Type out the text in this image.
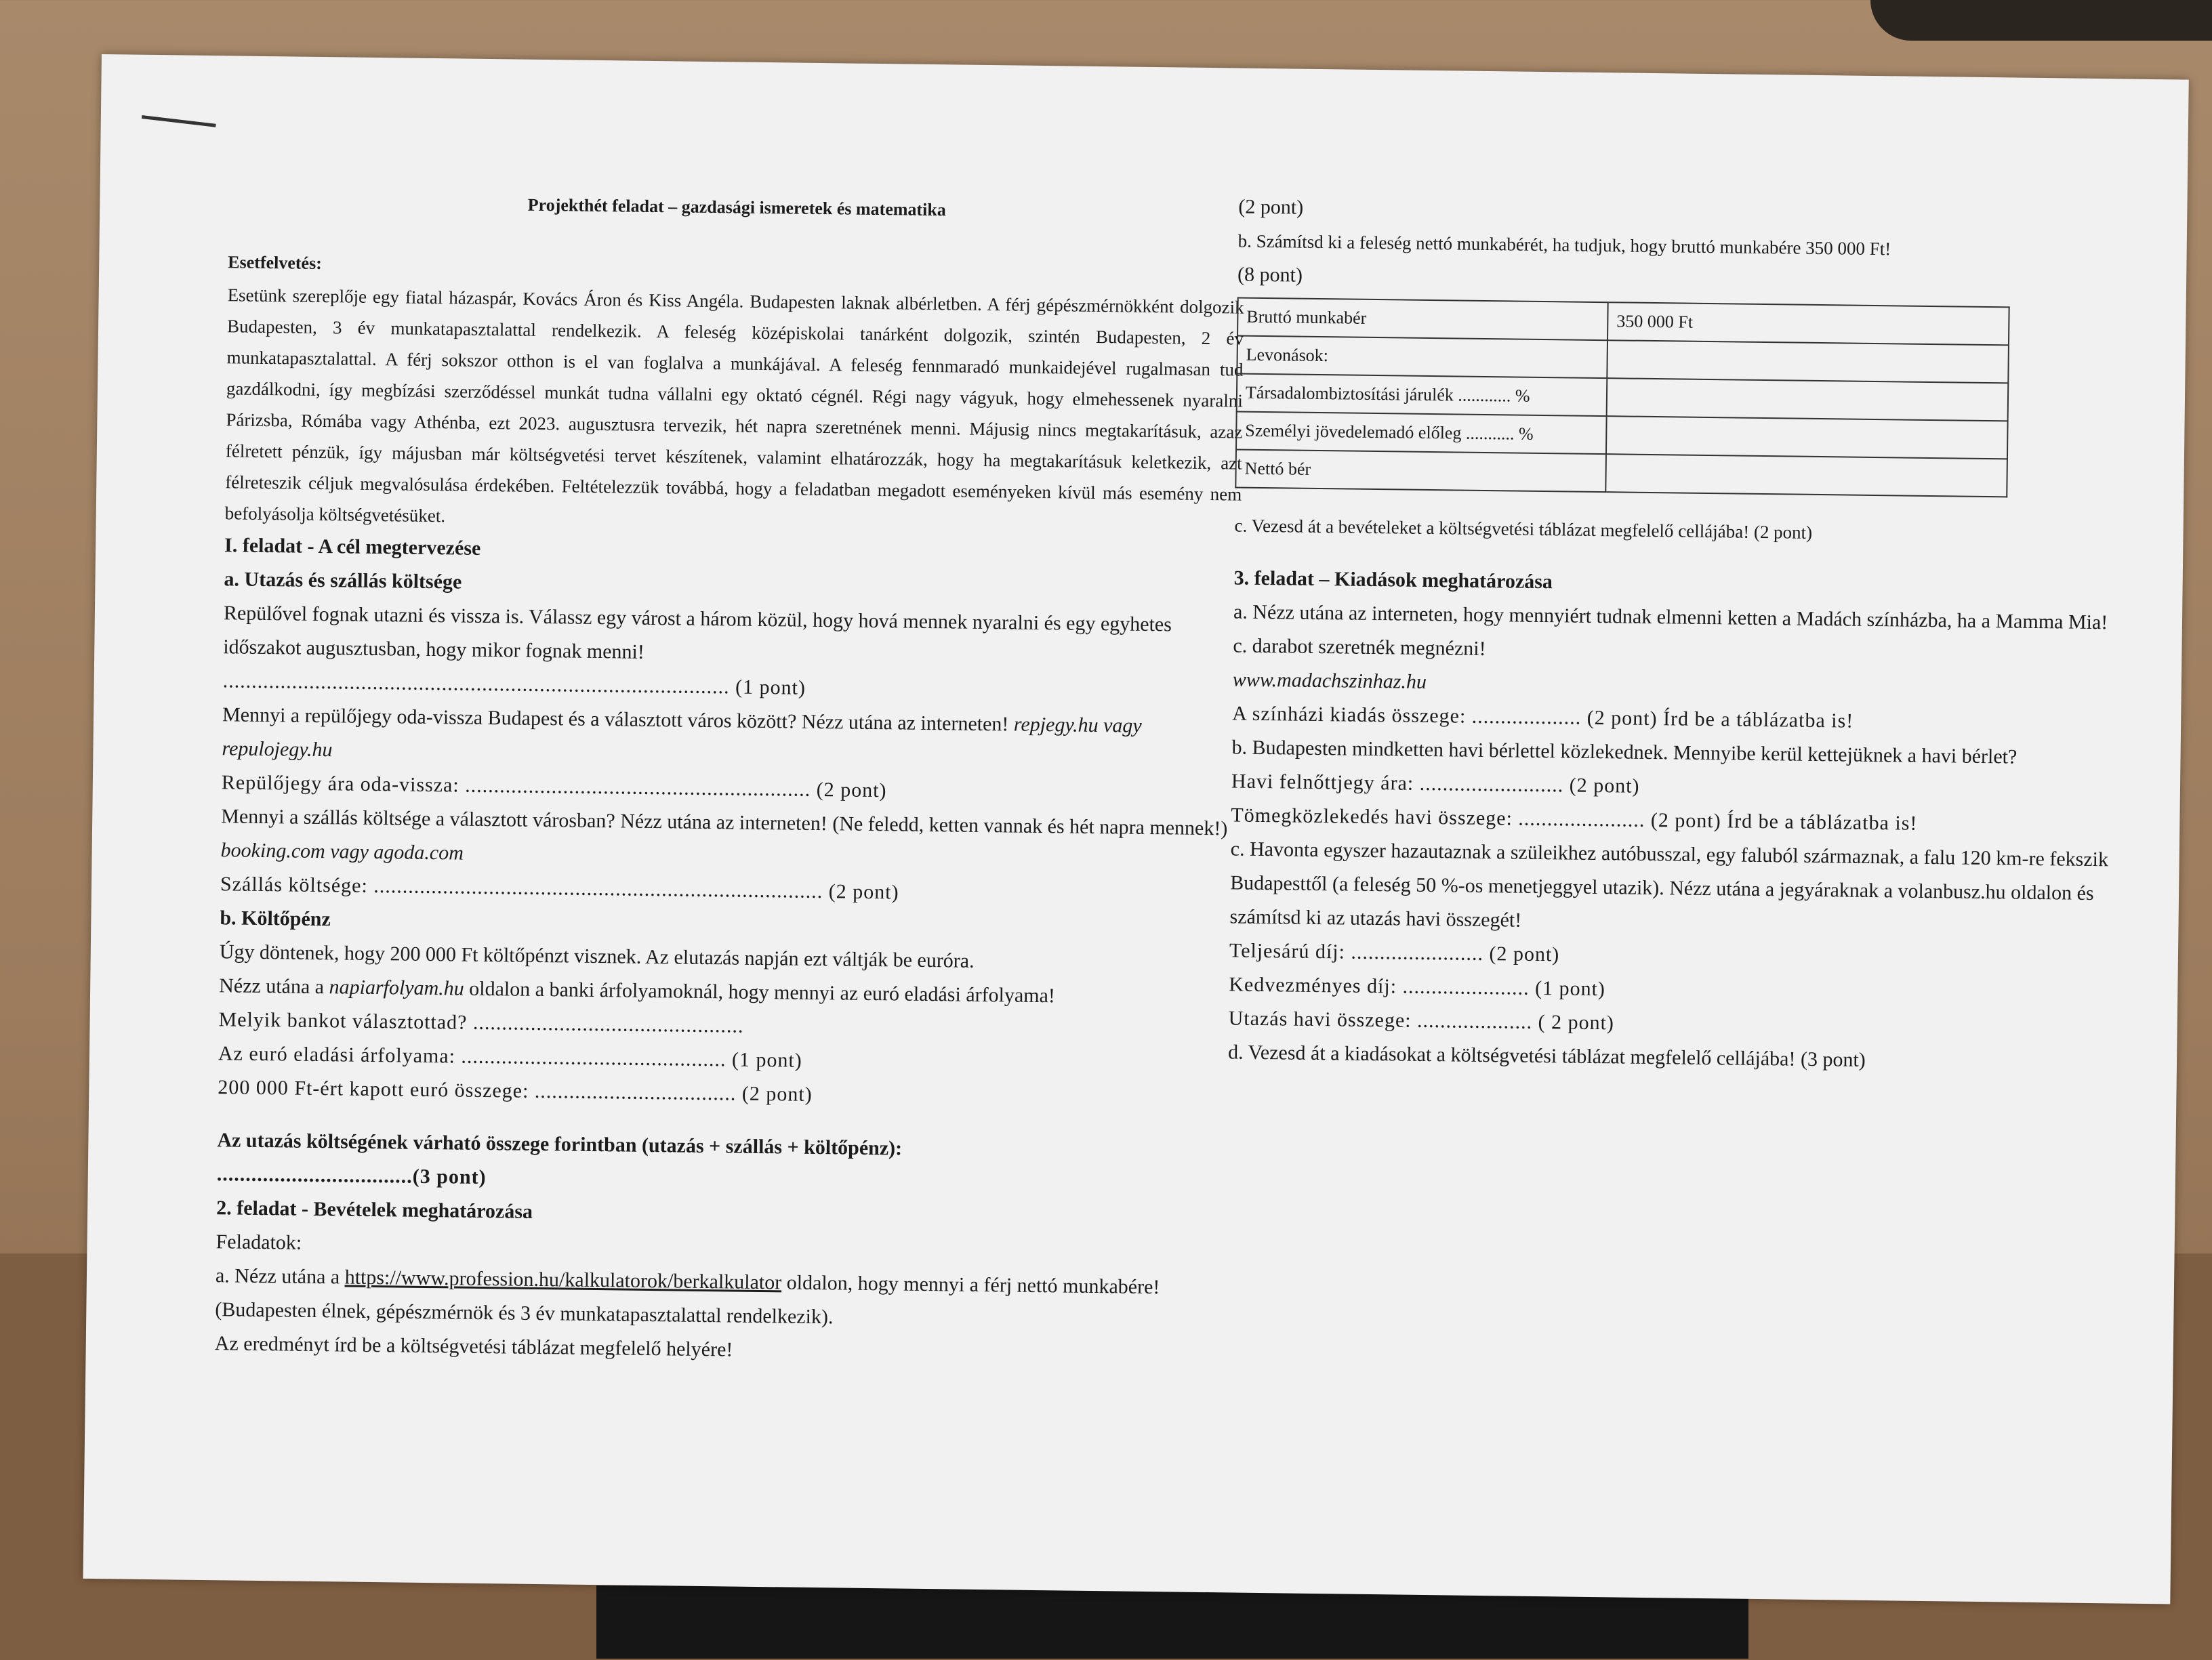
Projekthét feladat – gazdasági ismeretek és matematika

Esetfelvetés:

Esetünk szereplője egy fiatal házaspár, Kovács Áron és Kiss Angéla. Budapesten laknak albérletben. A férj gépészmérnökként dolgozik Budapesten, 3 év munkatapasztalattal rendelkezik. A feleség középiskolai tanárként dolgozik, szintén Budapesten, 2 év munkatapasztalattal. A férj sokszor otthon is el van foglalva a munkájával. A feleség fennmaradó munkaidejével rugalmasan tud gazdálkodni, így megbízási szerződéssel munkát tudna vállalni egy oktató cégnél. Régi nagy vágyuk, hogy elmehessenek nyaralni Párizsba, Rómába vagy Athénba, ezt 2023. augusztusra tervezik, hét napra szeretnének menni. Májusig nincs megtakarításuk, azaz félretett pénzük, így májusban már költségvetési tervet készítenek, valamint elhatározzák, hogy ha megtakarításuk keletkezik, azt félreteszik céljuk megvalósulása érdekében. Feltételezzük továbbá, hogy a feladatban megadott eseményeken kívül más esemény nem befolyásolja költségvetésüket.

I. feladat - A cél megtervezése

a. Utazás és szállás költsége

Repülővel fognak utazni és vissza is. Válassz egy várost a három közül, hogy hová mennek nyaralni és egy egyhetes időszakot augusztusban, hogy mikor fognak menni!

........................................................................................ (1 pont)

Mennyi a repülőjegy oda-vissza Budapest és a választott város között? Nézz utána az interneten! repjegy.hu vagy repulojegy.hu

Repülőjegy ára oda-vissza: ............................................................ (2 pont)

Mennyi a szállás költsége a választott városban? Nézz utána az interneten! (Ne feledd, ketten vannak és hét napra mennek!) booking.com vagy agoda.com

Szállás költsége: .............................................................................. (2 pont)

b. Költőpénz

Úgy döntenek, hogy 200 000 Ft költőpénzt visznek. Az elutazás napján ezt váltják be euróra.

Nézz utána a napiarfolyam.hu oldalon a banki árfolyamoknál, hogy mennyi az euró eladási árfolyama!

Melyik bankot választottad? ...............................................

Az euró eladási árfolyama: .............................................. (1 pont)

200 000 Ft-ért kapott euró összege: ................................... (2 pont)

Az utazás költségének várható összege forintban (utazás + szállás + költőpénz):

..................................(3 pont)

2. feladat - Bevételek meghatározása

Feladatok:

a. Nézz utána a https://www.profession.hu/kalkulatorok/berkalkulator oldalon, hogy mennyi a férj nettó munkabére! (Budapesten élnek, gépészmérnök és 3 év munkatapasztalattal rendelkezik).

Az eredményt írd be a költségvetési táblázat megfelelő helyére!

(2 pont)

b. Számítsd ki a feleség nettó munkabérét, ha tudjuk, hogy bruttó munkabére 350 000 Ft!

(8 pont)

Bruttó munkabér	350 000 Ft
Levonások:	
Társadalombiztosítási járulék ............ %	
Személyi jövedelemadó előleg ........... %	
Nettó bér	

c. Vezesd át a bevételeket a költségvetési táblázat megfelelő cellájába! (2 pont)

3. feladat – Kiadások meghatározása

a. Nézz utána az interneten, hogy mennyiért tudnak elmenni ketten a Madách színházba, ha a Mamma Mia! c. darabot szeretnék megnézni!

www.madachszinhaz.hu

A színházi kiadás összege: ................... (2 pont) Írd be a táblázatba is!

b. Budapesten mindketten havi bérlettel közlekednek. Mennyibe kerül kettejüknek a havi bérlet?

Havi felnőttjegy ára: ......................... (2 pont)

Tömegközlekedés havi összege: ...................... (2 pont) Írd be a táblázatba is!

c. Havonta egyszer hazautaznak a szüleikhez autóbusszal, egy faluból származnak, a falu 120 km-re fekszik Budapesttől (a feleség 50 %-os menetjeggyel utazik). Nézz utána a jegyáraknak a volanbusz.hu oldalon és számítsd ki az utazás havi összegét!

Teljesárú díj: ....................... (2 pont)

Kedvezményes díj: ...................... (1 pont)

Utazás havi összege: .................... ( 2 pont)

d. Vezesd át a kiadásokat a költségvetési táblázat megfelelő cellájába! (3 pont)
